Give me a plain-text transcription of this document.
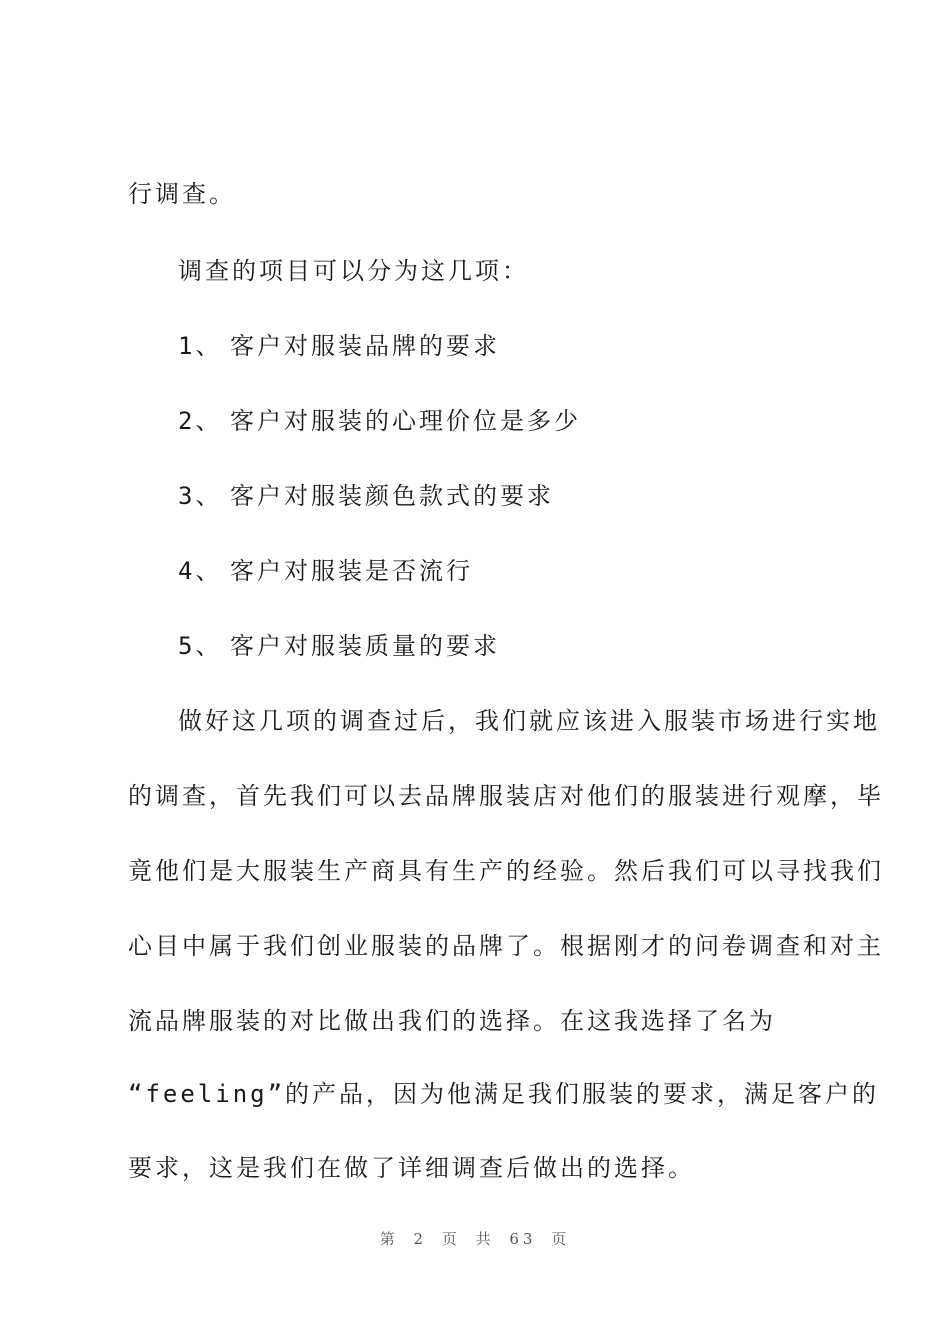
行调查。
调查的项目可以分为这几项：
1、 客户对服装品牌的要求
2、 客户对服装的心理价位是多少
3、 客户对服装颜色款式的要求
4、 客户对服装是否流行
5、 客户对服装质量的要求
做好这几项的调查过后，我们就应该进入服装市场进行实地
的调查，首先我们可以去品牌服装店对他们的服装进行观摩，毕
竟他们是大服装生产商具有生产的经验。然后我们可以寻找我们
心目中属于我们创业服装的品牌了。根据刚才的问卷调查和对主
流品牌服装的对比做出我们的选择。在这我选择了名为
“feeling”的产品，因为他满足我们服装的要求，满足客户的
要求，这是我们在做了详细调查后做出的选择。
第 2 页 共 63 页
